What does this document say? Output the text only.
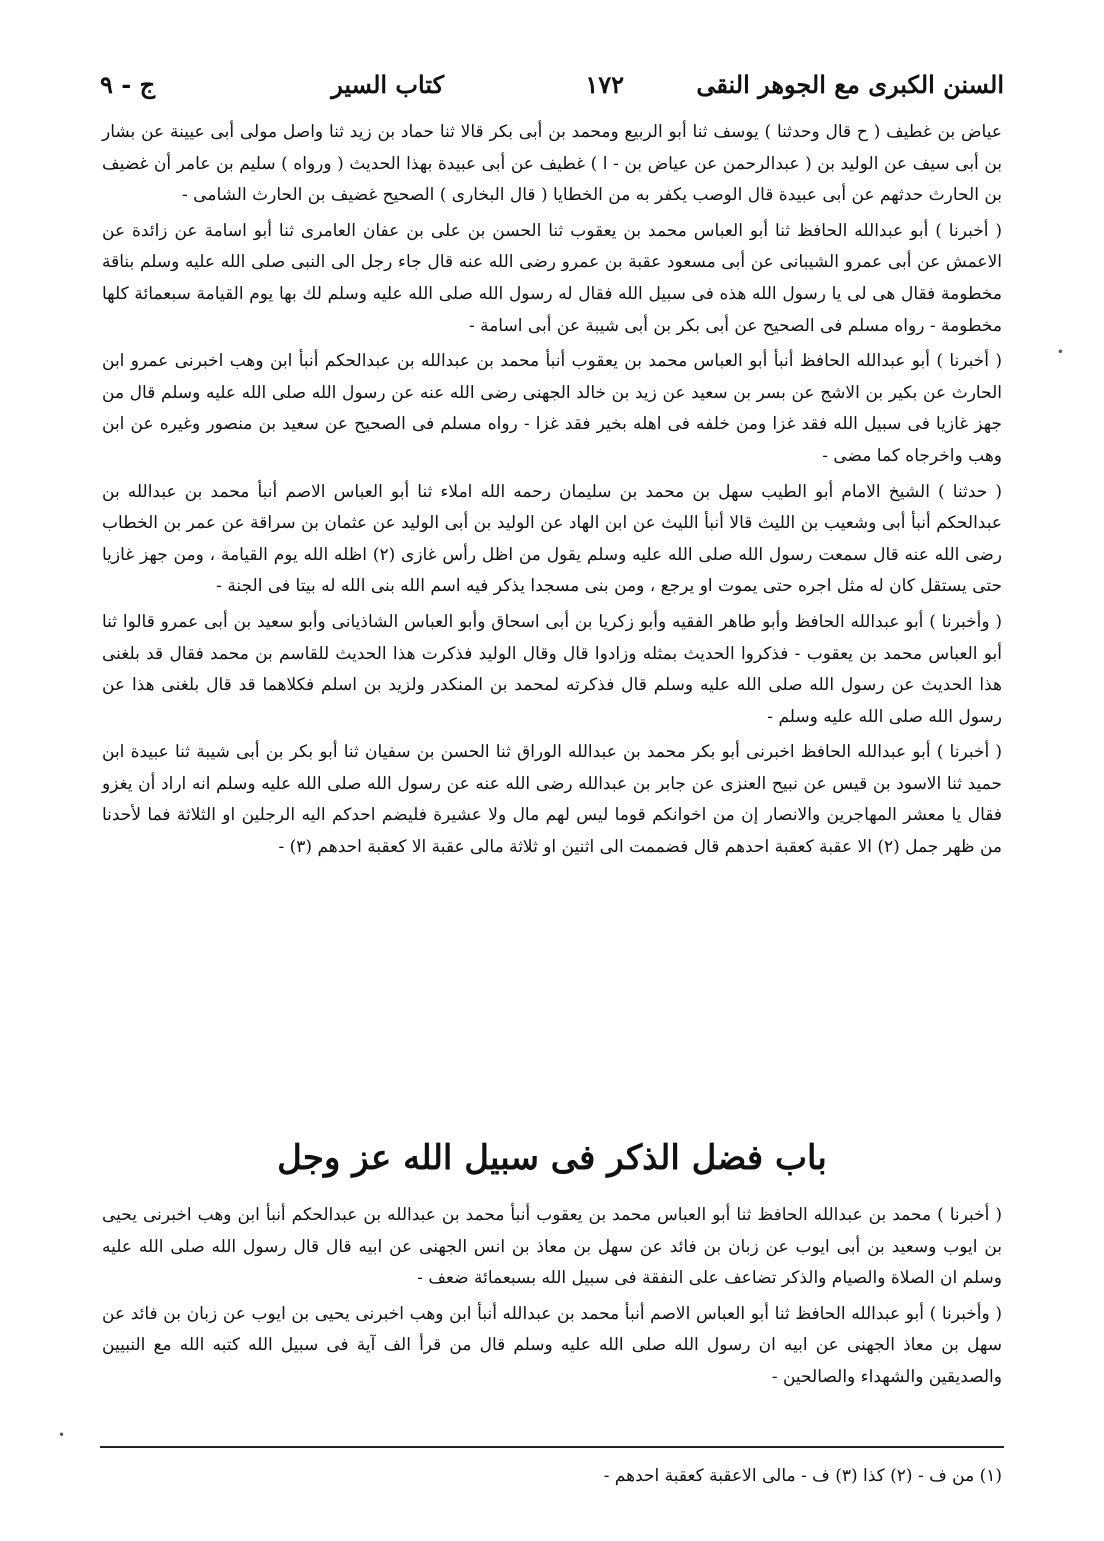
السنن الكبرى مع الجوهر النقى
١٧٢
كتاب السير
ج - ٩

عياض بن غطيف ( ح قال وحدثنا ) يوسف ثنا أبو الربيع ومحمد بن أبى بكر قالا ثنا حماد بن زيد ثنا واصل مولى أبى عيينة عن بشار بن أبى سيف عن الوليد بن ( عبدالرحمن عن عياض بن - ا ) غطيف عن أبى عبيدة بهذا الحديث ( ورواه ) سليم بن عامر أن غضيف بن الحارث حدثهم عن أبى عبيدة قال الوصب يكفر به من الخطايا ( قال البخارى ) الصحيح غضيف بن الحارث الشامى -

( أخبرنا ) أبو عبدالله الحافظ ثنا أبو العباس محمد بن يعقوب ثنا الحسن بن على بن عفان العامرى ثنا أبو اسامة عن زائدة عن الاعمش عن أبى عمرو الشيبانى عن أبى مسعود عقبة بن عمرو رضى الله عنه قال جاء رجل الى النبى صلى الله عليه وسلم بناقة مخطومة فقال هى لى يا رسول الله هذه فى سبيل الله فقال له رسول الله صلى الله عليه وسلم لك بها يوم القيامة سبعمائة كلها مخطومة - رواه مسلم فى الصحيح عن أبى بكر بن أبى شيبة عن أبى اسامة -

( أخبرنا ) أبو عبدالله الحافظ أنبأ أبو العباس محمد بن يعقوب أنبأ محمد بن عبدالله بن عبدالحكم أنبأ ابن وهب اخبرنى عمرو ابن الحارث عن بكير بن الاشج عن بسر بن سعيد عن زيد بن خالد الجهنى رضى الله عنه عن رسول الله صلى الله عليه وسلم قال من جهز غازيا فى سبيل الله فقد غزا ومن خلفه فى اهله بخير فقد غزا - رواه مسلم فى الصحيح عن سعيد بن منصور وغيره عن ابن وهب واخرجاه كما مضى -

( حدثنا ) الشيخ الامام أبو الطيب سهل بن محمد بن سليمان رحمه الله املاء ثنا أبو العباس الاصم أنبأ محمد بن عبدالله بن عبدالحكم أنبأ أبى وشعيب بن الليث قالا أنبأ الليث عن ابن الهاد عن الوليد بن أبى الوليد عن عثمان بن سراقة عن عمر بن الخطاب رضى الله عنه قال سمعت رسول الله صلى الله عليه وسلم يقول من اظل رأس غازى (٢) اظله الله يوم القيامة ، ومن جهز غازيا حتى يستقل كان له مثل اجره حتى يموت او يرجع ، ومن بنى مسجدا يذكر فيه اسم الله بنى الله له بيتا فى الجنة -

( وأخبرنا ) أبو عبدالله الحافظ وأبو طاهر الفقيه وأبو زكريا بن أبى اسحاق وأبو العباس الشاذيانى وأبو سعيد بن أبى عمرو قالوا ثنا أبو العباس محمد بن يعقوب - فذكروا الحديث بمثله وزادوا قال وقال الوليد فذكرت هذا الحديث للقاسم بن محمد فقال قد بلغنى هذا الحديث عن رسول الله صلى الله عليه وسلم قال فذكرته لمحمد بن المنكدر ولزيد بن اسلم فكلاهما قد قال بلغنى هذا عن رسول الله صلى الله عليه وسلم -

( أخبرنا ) أبو عبدالله الحافظ اخبرنى أبو بكر محمد بن عبدالله الوراق ثنا الحسن بن سفيان ثنا أبو بكر بن أبى شيبة ثنا عبيدة ابن حميد ثنا الاسود بن قيس عن نبيح العنزى عن جابر بن عبدالله رضى الله عنه عن رسول الله صلى الله عليه وسلم انه اراد أن يغزو فقال يا معشر المهاجرين والانصار إن من اخوانكم قوما ليس لهم مال ولا عشيرة فليضم احدكم اليه الرجلين او الثلاثة فما لأحدنا من ظهر جمل (٢) الا عقبة كعقبة احدهم قال فضممت الى اثنين او ثلاثة مالى عقبة الا كعقبة احدهم (٣) -

باب فضل الذكر فى سبيل الله عز وجل

( أخبرنا ) محمد بن عبدالله الحافظ ثنا أبو العباس محمد بن يعقوب أنبأ محمد بن عبدالله بن عبدالحكم أنبأ ابن وهب اخبرنى يحيى بن ايوب وسعيد بن أبى ايوب عن زبان بن فائد عن سهل بن معاذ بن انس الجهنى عن ابيه قال قال رسول الله صلى الله عليه وسلم ان الصلاة والصيام والذكر تضاعف على النفقة فى سبيل الله بسبعمائة ضعف -

( وأخبرنا ) أبو عبدالله الحافظ ثنا أبو العباس الاصم أنبأ محمد بن عبدالله أنبأ ابن وهب اخبرنى يحيى بن ايوب عن زبان بن فائد عن سهل بن معاذ الجهنى عن ابيه ان رسول الله صلى الله عليه وسلم قال من قرأ الف آية فى سبيل الله كتبه الله مع النبيين والصديقين والشهداء والصالحين -

(١) من ف - (٢) كذا (٣) ف - مالى الاعقبة كعقبة احدهم -
•
•
